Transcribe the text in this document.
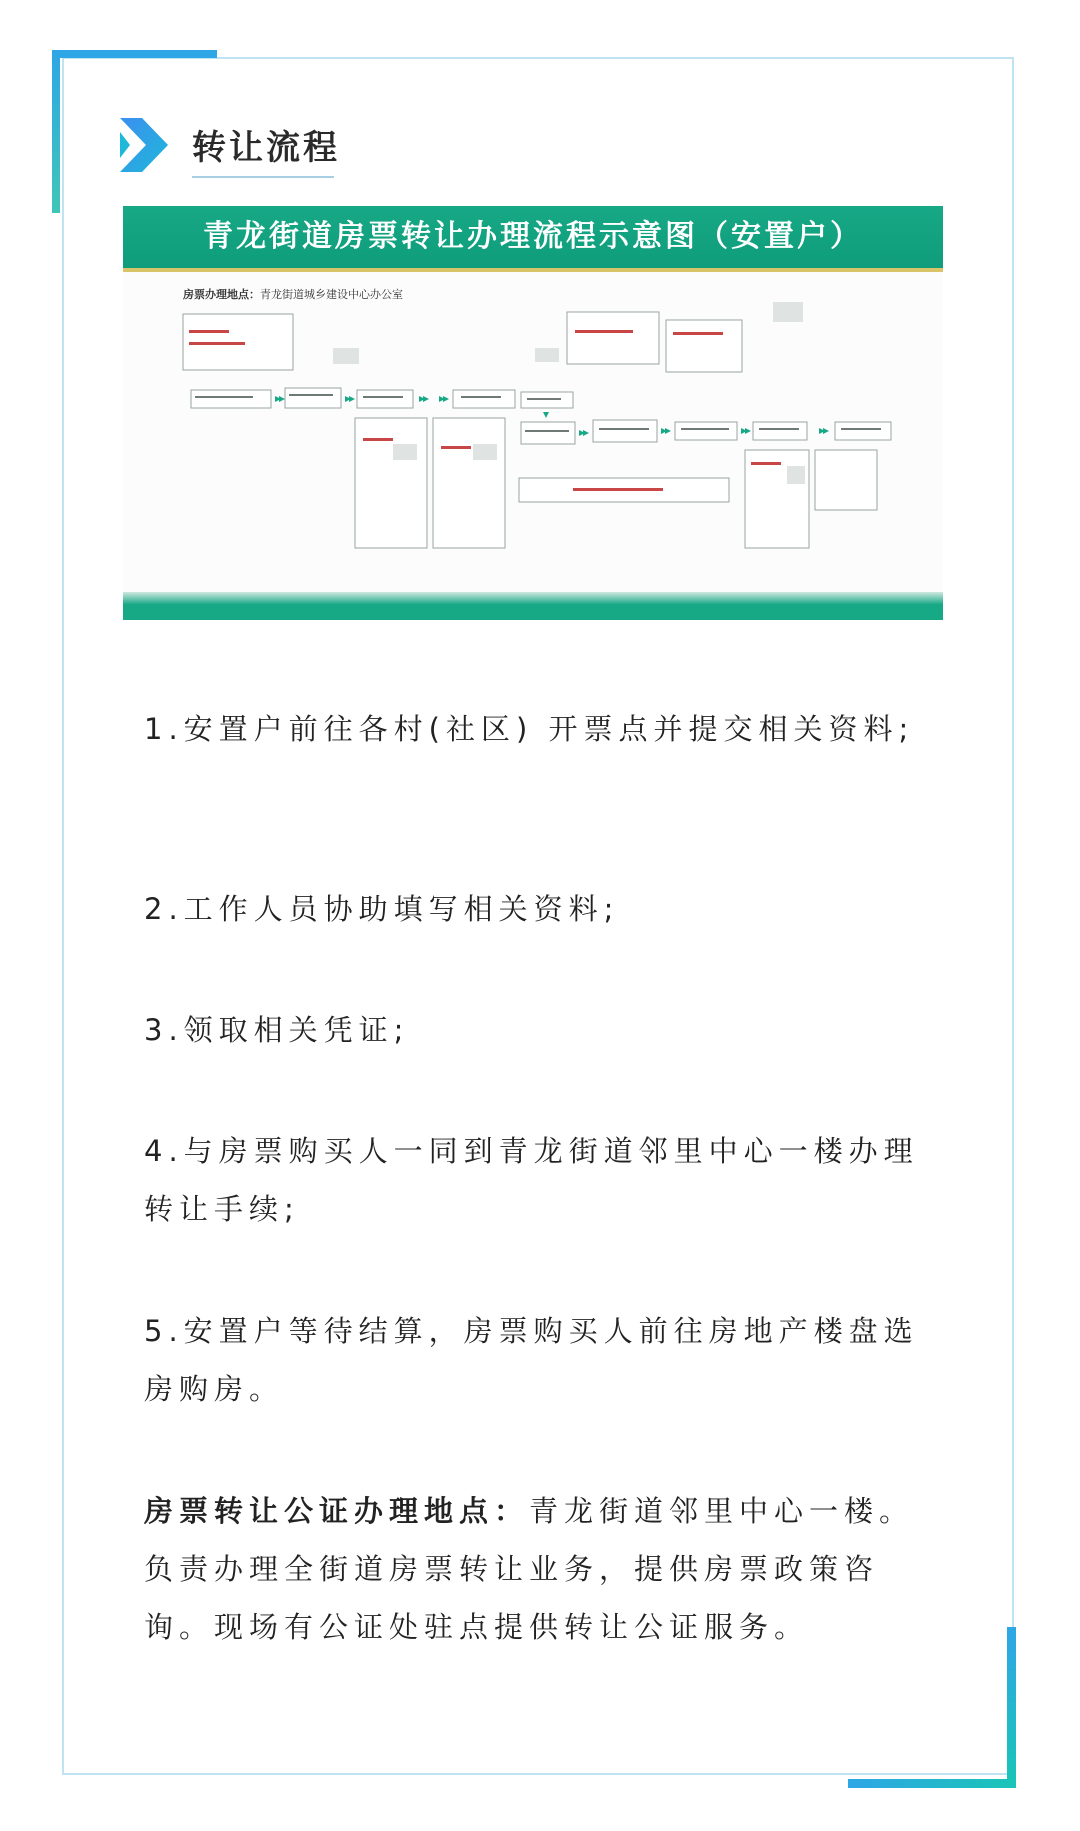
转让流程
青龙街道房票转让办理流程示意图（安置户）
房票办理地点：青龙街道城乡建设中心办公室
1.安置户前往各村(社区) 开票点并提交相关资料;
2.工作人员协助填写相关资料;
3.领取相关凭证;
4.与房票购买人一同到青龙街道邻里中心一楼办理转让手续;
5.安置户等待结算，房票购买人前往房地产楼盘选房购房。
房票转让公证办理地点：青龙街道邻里中心一楼。负责办理全街道房票转让业务，提供房票政策咨询。现场有公证处驻点提供转让公证服务。
